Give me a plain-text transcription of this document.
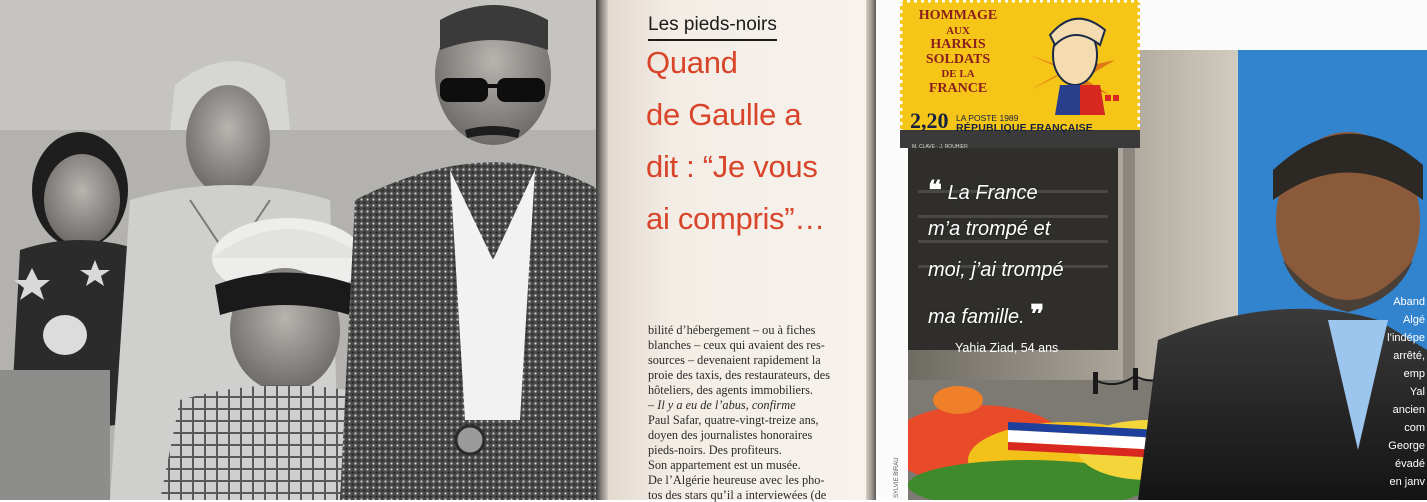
Les pieds-noirs
Quand
de Gaulle a
dit : “Je vous
ai compris”…
bilité d’hébergement – ou à fiches
blanches – ceux qui avaient des res-
sources – devenaient rapidement la
proie des taxis, des restaurateurs, des
hôteliers, des agents immobiliers.
– Il y a eu de l’abus, confirme
Paul Safar, quatre-vingt-treize ans,
doyen des journalistes honoraires
pieds-noirs. Des profiteurs.
Son appartement est un musée.
De l’Algérie heureuse avec les pho-
tos des stars qu’il a interviewées (de
HOMMAGE
AUX
HARKIS
SOLDATS
DE LA
FRANCE
2,20 LA POSTE 1989
RÉPUBLIQUE FRANÇAISE
M. CLAVE · J. ROUHIER
❝ La France
m’a trompé et
moi, j’ai trompé
ma famille. ❞
Yahia Ziad, 54 ans
SYLVIE BIRAU
Aband
Algé
l’indépe
arrêté,
emp
Yal
ancien
com
George
évadé
en janv
